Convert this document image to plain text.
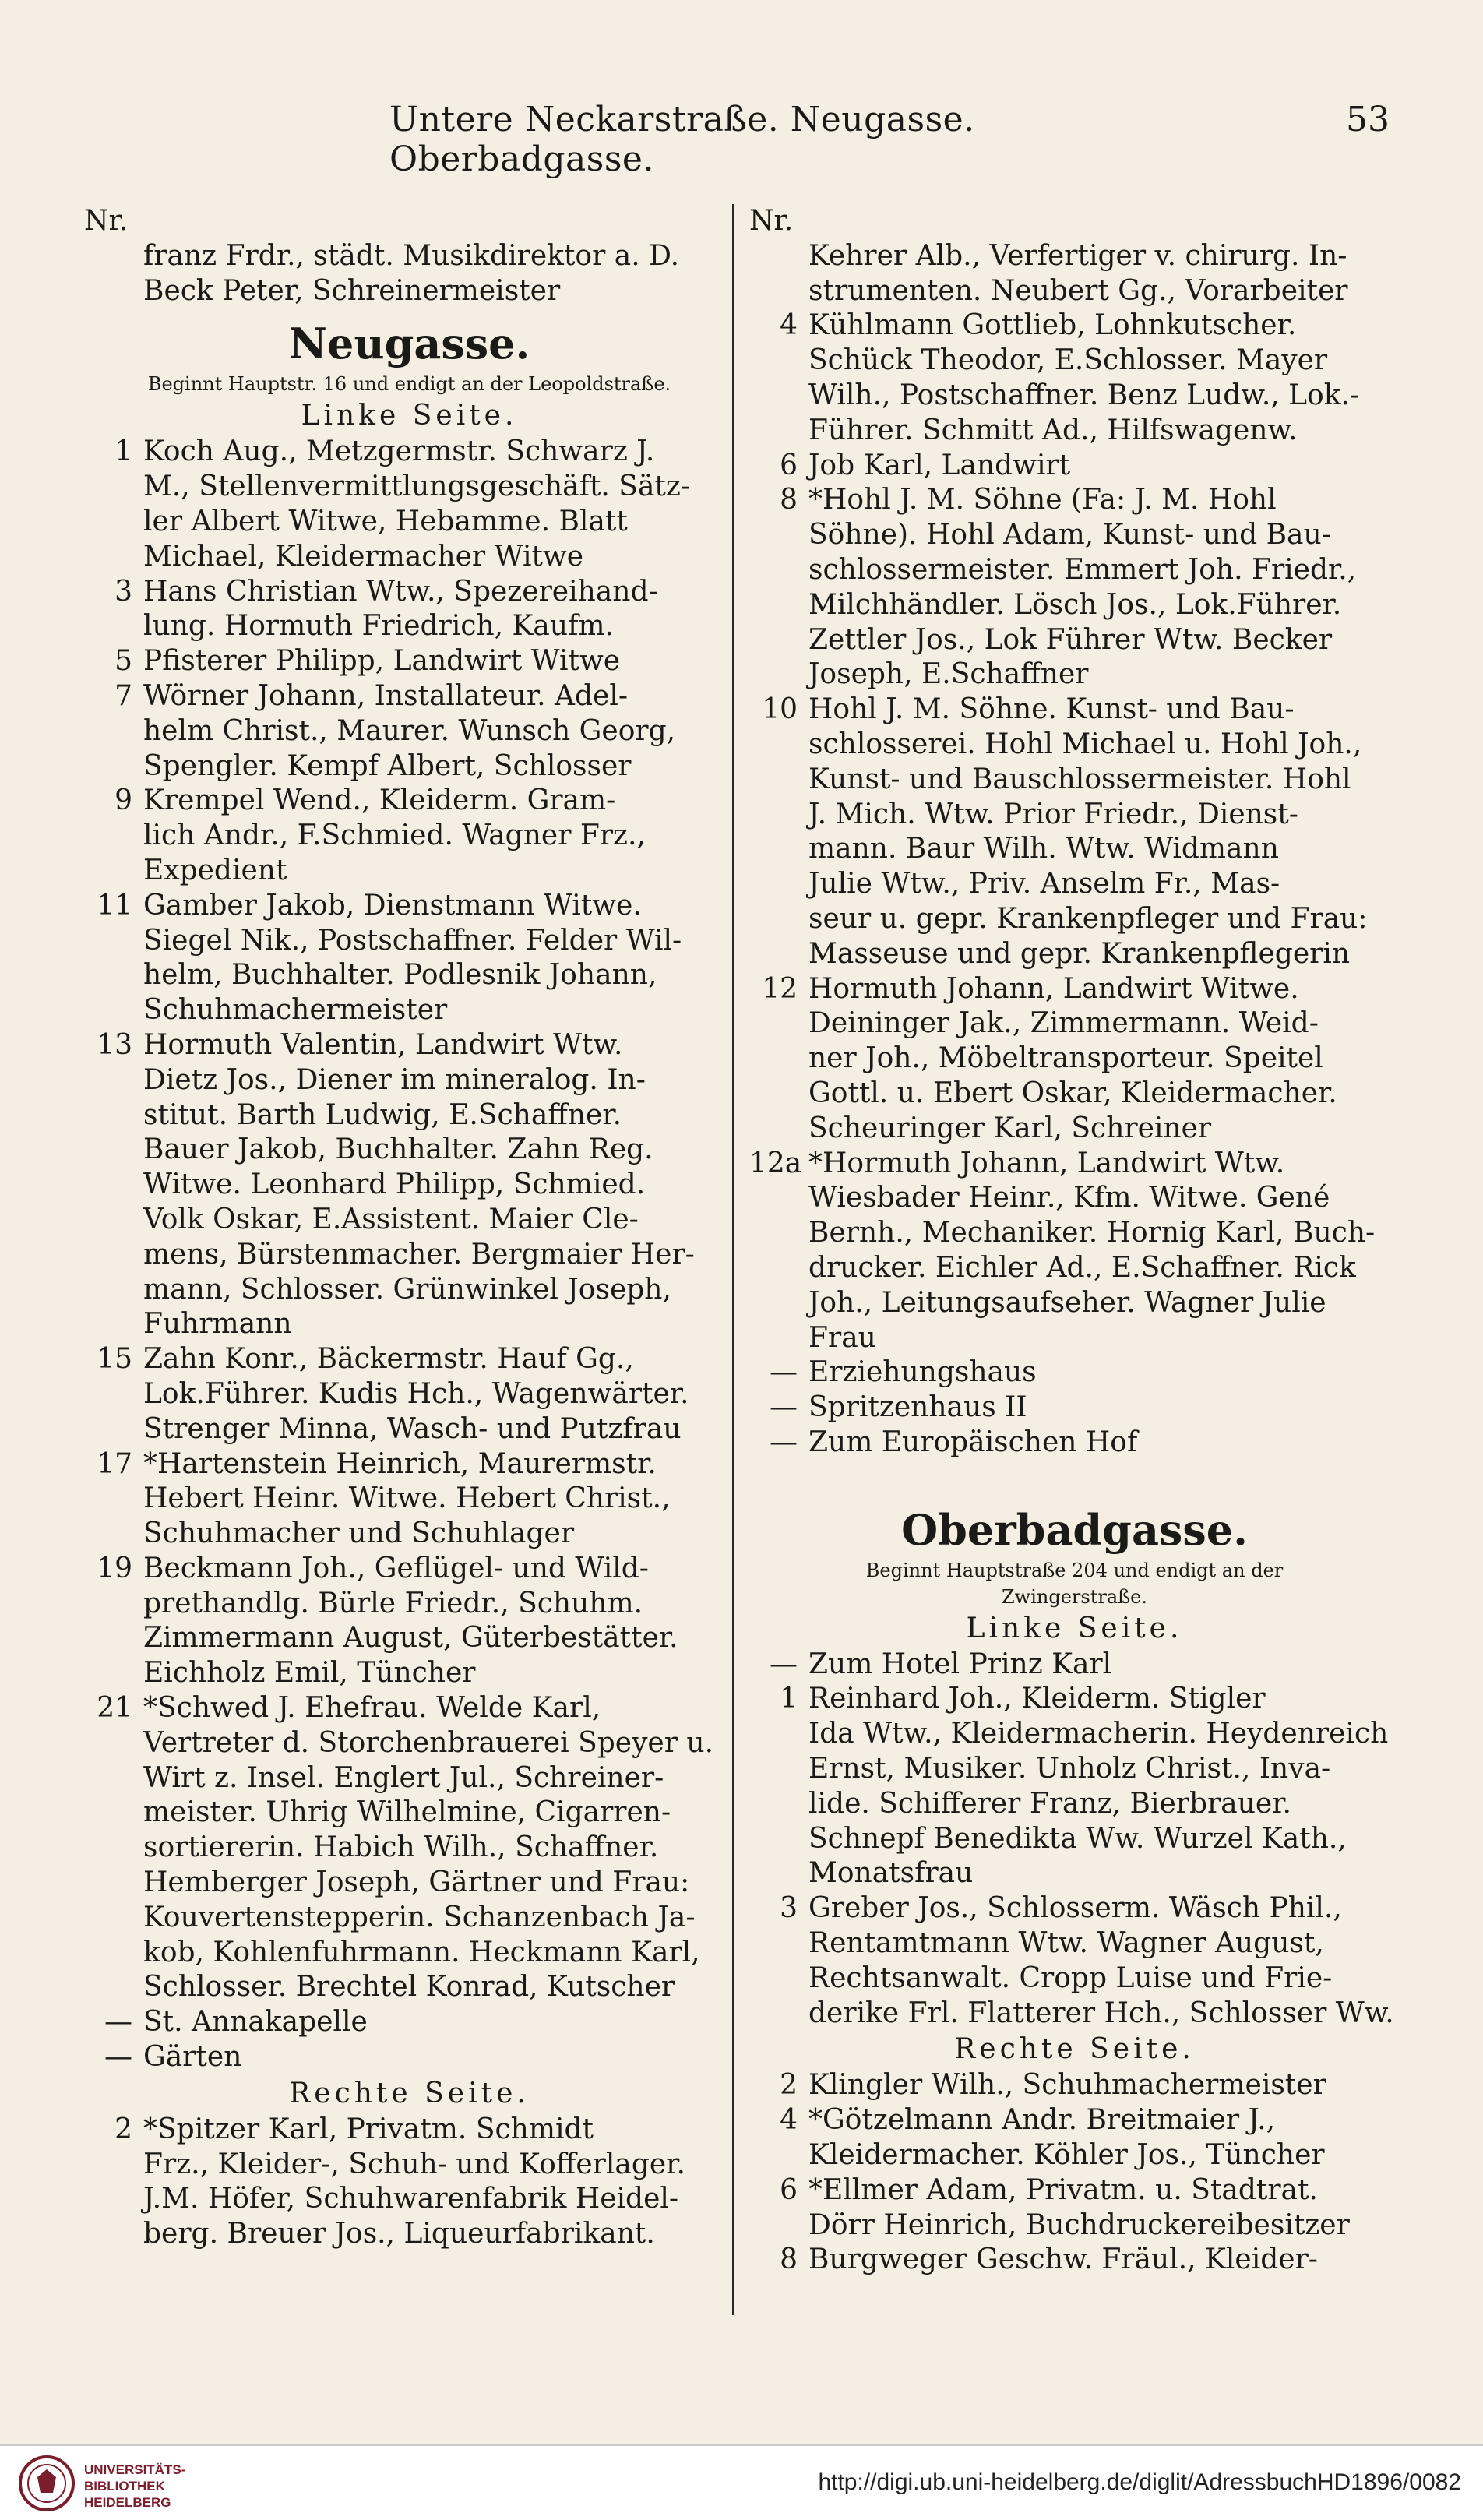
Untere Neckarstraße. Neugasse. Oberbadgasse.
53
Nr.
franz Frdr., städt. Musikdirektor a. D.
Beck Peter, Schreinermeister
Neugasse.
Beginnt Hauptstr. 16 und endigt an der Leopoldstraße.
Linke Seite.
1 Koch Aug., Metzgermstr. Schwarz J.
M., Stellenvermittlungsgeschäft. Sätz-
ler Albert Witwe, Hebamme. Blatt
Michael, Kleidermacher Witwe
3 Hans Christian Wtw., Spezereihand-
lung. Hormuth Friedrich, Kaufm.
5 Pfisterer Philipp, Landwirt Witwe
7 Wörner Johann, Installateur. Adel-
helm Christ., Maurer. Wunsch Georg,
Spengler. Kempf Albert, Schlosser
9 Krempel Wend., Kleiderm. Gram-
lich Andr., F.Schmied. Wagner Frz.,
Expedient
11 Gamber Jakob, Dienstmann Witwe.
Siegel Nik., Postschaffner. Felder Wil-
helm, Buchhalter. Podlesnik Johann,
Schuhmachermeister
13 Hormuth Valentin, Landwirt Wtw.
Dietz Jos., Diener im mineralog. In-
stitut. Barth Ludwig, E.Schaffner.
Bauer Jakob, Buchhalter. Zahn Reg.
Witwe. Leonhard Philipp, Schmied.
Volk Oskar, E.Assistent. Maier Cle-
mens, Bürstenmacher. Bergmaier Her-
mann, Schlosser. Grünwinkel Joseph,
Fuhrmann
15 Zahn Konr., Bäckermstr. Hauf Gg.,
Lok.Führer. Kudis Hch., Wagenwärter.
Strenger Minna, Wasch- und Putzfrau
17 *Hartenstein Heinrich, Maurermstr.
Hebert Heinr. Witwe. Hebert Christ.,
Schuhmacher und Schuhlager
19 Beckmann Joh., Geflügel- und Wild-
prethandlg. Bürle Friedr., Schuhm.
Zimmermann August, Güterbestätter.
Eichholz Emil, Tüncher
21 *Schwed J. Ehefrau. Welde Karl,
Vertreter d. Storchenbrauerei Speyer u.
Wirt z. Insel. Englert Jul., Schreiner-
meister. Uhrig Wilhelmine, Cigarren-
sortiererin. Habich Wilh., Schaffner.
Hemberger Joseph, Gärtner und Frau:
Kouvertenstepperin. Schanzenbach Ja-
kob, Kohlenfuhrmann. Heckmann Karl,
Schlosser. Brechtel Konrad, Kutscher
— St. Annakapelle
— Gärten
Rechte Seite.
2 *Spitzer Karl, Privatm. Schmidt
Frz., Kleider-, Schuh- und Kofferlager.
J.M. Höfer, Schuhwarenfabrik Heidel-
berg. Breuer Jos., Liqueurfabrikant.
Nr.
Kehrer Alb., Verfertiger v. chirurg. In-
strumenten. Neubert Gg., Vorarbeiter
4 Kühlmann Gottlieb, Lohnkutscher.
Schück Theodor, E.Schlosser. Mayer
Wilh., Postschaffner. Benz Ludw., Lok.-
Führer. Schmitt Ad., Hilfswagenw.
6 Job Karl, Landwirt
8 *Hohl J. M. Söhne (Fa: J. M. Hohl
Söhne). Hohl Adam, Kunst- und Bau-
schlossermeister. Emmert Joh. Friedr.,
Milchhändler. Lösch Jos., Lok.Führer.
Zettler Jos., Lok Führer Wtw. Becker
Joseph, E.Schaffner
10 Hohl J. M. Söhne. Kunst- und Bau-
schlosserei. Hohl Michael u. Hohl Joh.,
Kunst- und Bauschlossermeister. Hohl
J. Mich. Wtw. Prior Friedr., Dienst-
mann. Baur Wilh. Wtw. Widmann
Julie Wtw., Priv. Anselm Fr., Mas-
seur u. gepr. Krankenpfleger und Frau:
Masseuse und gepr. Krankenpflegerin
12 Hormuth Johann, Landwirt Witwe.
Deininger Jak., Zimmermann. Weid-
ner Joh., Möbeltransporteur. Speitel
Gottl. u. Ebert Oskar, Kleidermacher.
Scheuringer Karl, Schreiner
12a *Hormuth Johann, Landwirt Wtw.
Wiesbader Heinr., Kfm. Witwe. Gené
Bernh., Mechaniker. Hornig Karl, Buch-
drucker. Eichler Ad., E.Schaffner. Rick
Joh., Leitungsaufseher. Wagner Julie
Frau
— Erziehungshaus
— Spritzenhaus II
— Zum Europäischen Hof
Oberbadgasse.
Beginnt Hauptstraße 204 und endigt an der
Zwingerstraße.
Linke Seite.
— Zum Hotel Prinz Karl
1 Reinhard Joh., Kleiderm. Stigler
Ida Wtw., Kleidermacherin. Heydenreich
Ernst, Musiker. Unholz Christ., Inva-
lide. Schifferer Franz, Bierbrauer.
Schnepf Benedikta Ww. Wurzel Kath.,
Monatsfrau
3 Greber Jos., Schlosserm. Wäsch Phil.,
Rentamtmann Wtw. Wagner August,
Rechtsanwalt. Cropp Luise und Frie-
derike Frl. Flatterer Hch., Schlosser Ww.
Rechte Seite.
2 Klingler Wilh., Schuhmachermeister
4 *Götzelmann Andr. Breitmaier J.,
Kleidermacher. Köhler Jos., Tüncher
6 *Ellmer Adam, Privatm. u. Stadtrat.
Dörr Heinrich, Buchdruckereibesitzer
8 Burgweger Geschw. Fräul., Kleider-
UNIVERSITÄTS-
BIBLIOTHEK
HEIDELBERG
http://digi.ub.uni-heidelberg.de/diglit/AdressbuchHD1896/0082
